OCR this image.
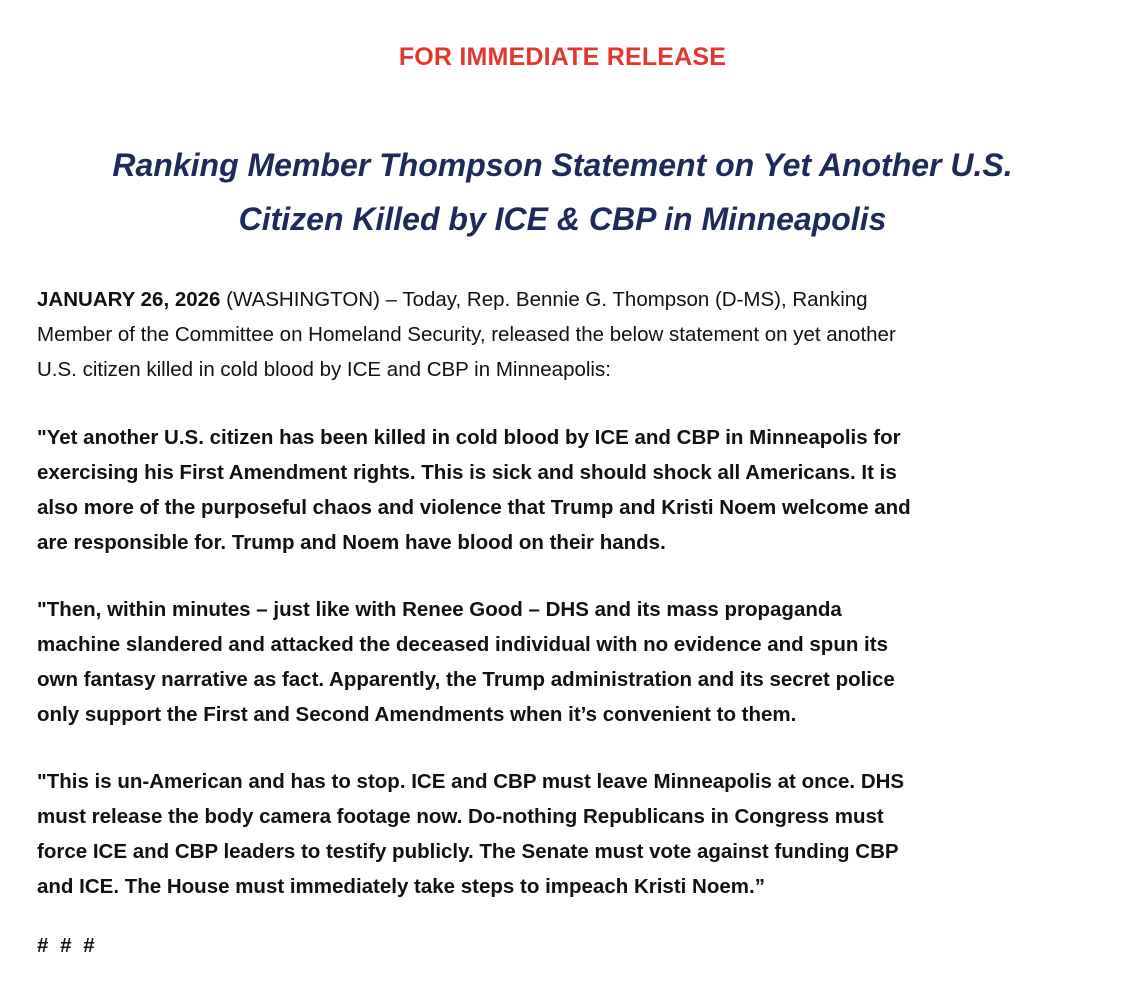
FOR IMMEDIATE RELEASE
Ranking Member Thompson Statement on Yet Another U.S.
Citizen Killed by ICE & CBP in Minneapolis

JANUARY 26, 2026 (WASHINGTON) – Today, Rep. Bennie G. Thompson (D-MS), Ranking
Member of the Committee on Homeland Security, released the below statement on yet another
U.S. citizen killed in cold blood by ICE and CBP in Minneapolis:

"Yet another U.S. citizen has been killed in cold blood by ICE and CBP in Minneapolis for
exercising his First Amendment rights. This is sick and should shock all Americans. It is
also more of the purposeful chaos and violence that Trump and Kristi Noem welcome and
are responsible for. Trump and Noem have blood on their hands.

"Then, within minutes – just like with Renee Good – DHS and its mass propaganda
machine slandered and attacked the deceased individual with no evidence and spun its
own fantasy narrative as fact. Apparently, the Trump administration and its secret police
only support the First and Second Amendments when it’s convenient to them.

"This is un-American and has to stop. ICE and CBP must leave Minneapolis at once. DHS
must release the body camera footage now. Do-nothing Republicans in Congress must
force ICE and CBP leaders to testify publicly. The Senate must vote against funding CBP
and ICE. The House must immediately take steps to impeach Kristi Noem.”

# # #
